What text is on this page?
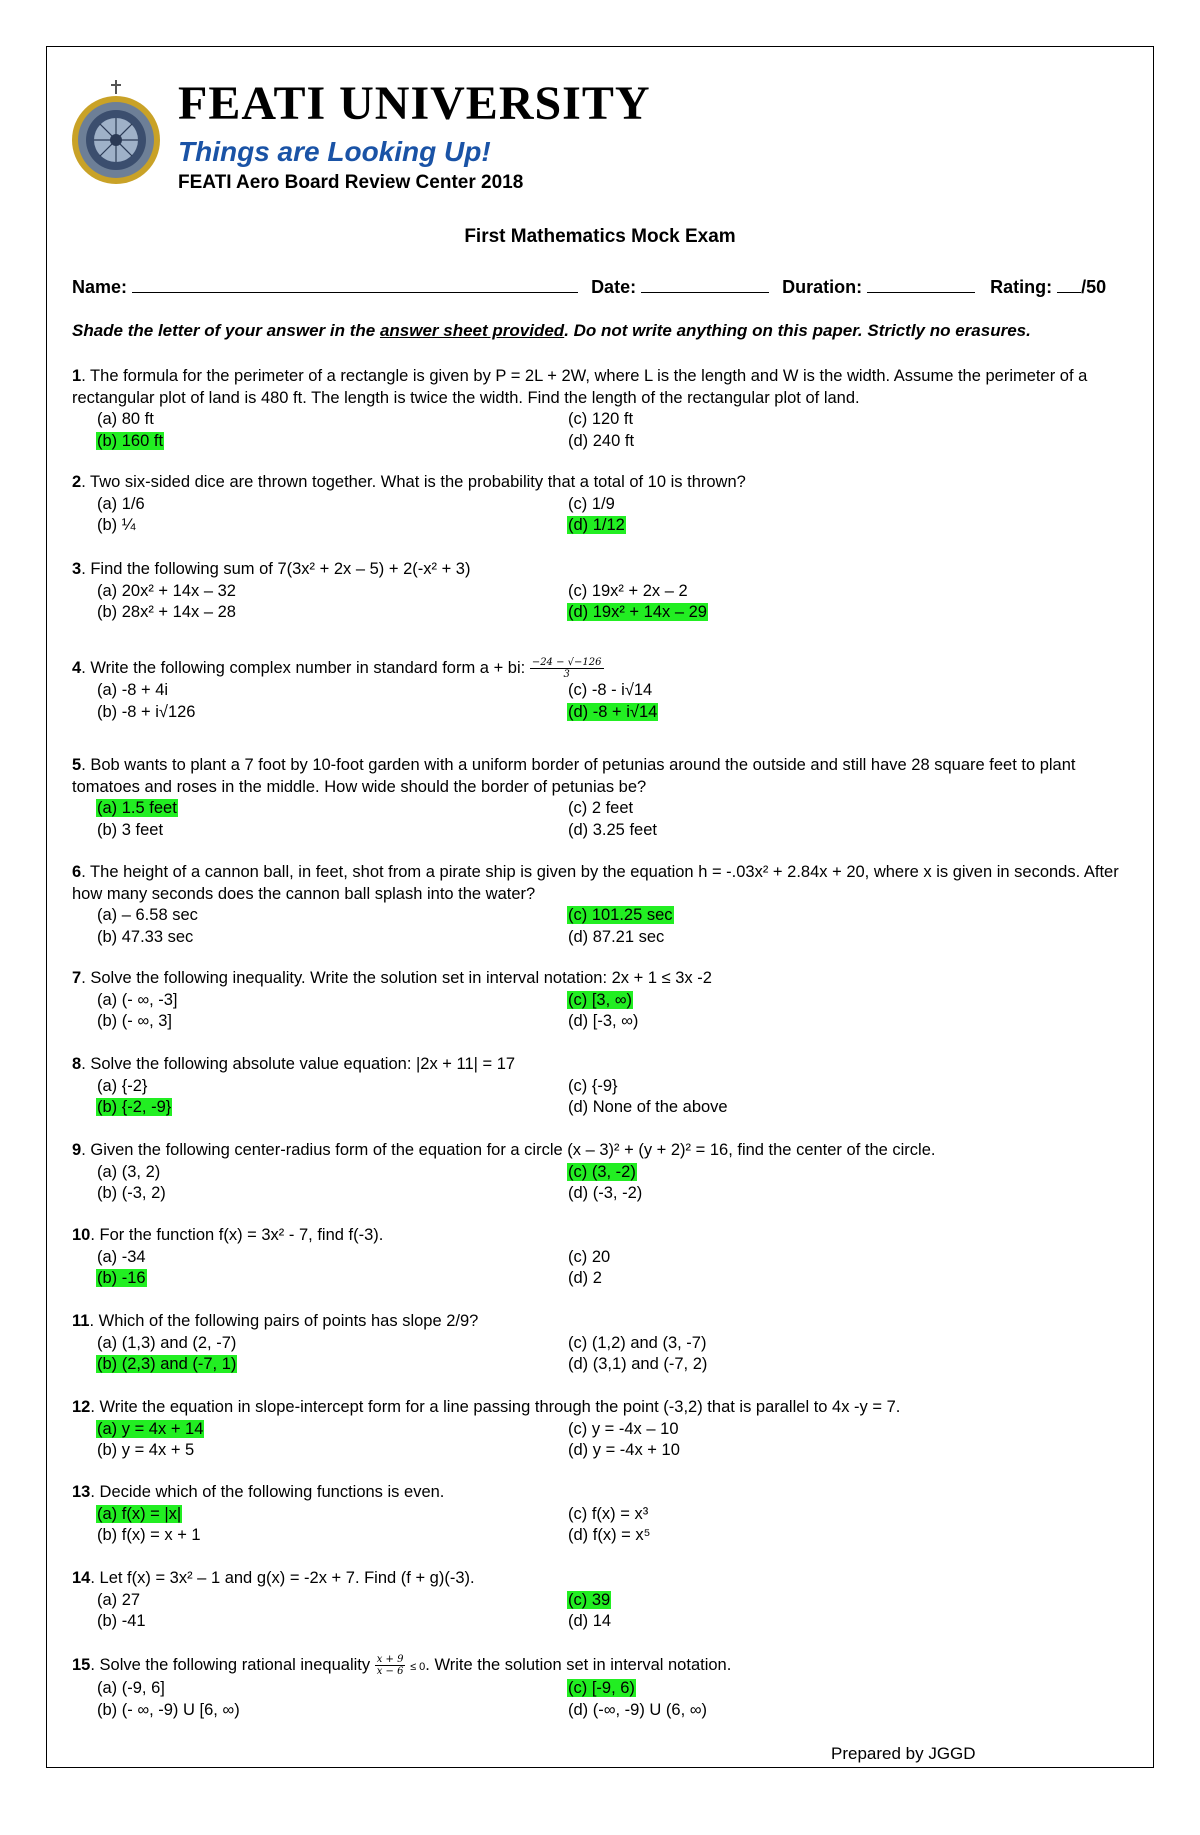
FEATI UNIVERSITY
Things are Looking Up!
FEATI Aero Board Review Center 2018
First Mathematics Mock Exam
Name:	Date:	Duration:	Rating: /50
Shade the letter of your answer in the answer sheet provided. Do not write anything on this paper. Strictly no erasures.
1. The formula for the perimeter of a rectangle is given by P = 2L + 2W, where L is the length and W is the width. Assume the perimeter of a rectangular plot of land is 480 ft. The length is twice the width. Find the length of the rectangular plot of land.
(a) 80 ft	(c) 120 ft
(b) 160 ft	(d) 240 ft
2. Two six-sided dice are thrown together. What is the probability that a total of 10 is thrown?
(a) 1/6	(c) 1/9
(b) ¼	(d) 1/12
3. Find the following sum of 7(3x² + 2x – 5) + 2(-x² + 3)
(a) 20x² + 14x – 32	(c) 19x² + 2x – 2
(b) 28x² + 14x – 28	(d) 19x² + 14x – 29
4. Write the following complex number in standard form a + bi: $\frac{-24 - √-126}{3}$
(a) -8 + 4i	(c) -8 - i√14
(b) -8 + i√126	(d) -8 + i√14
5. Bob wants to plant a 7 foot by 10-foot garden with a uniform border of petunias around the outside and still have 28 square feet to plant tomatoes and roses in the middle. How wide should the border of petunias be?
(a) 1.5 feet	(c) 2 feet
(b) 3 feet	(d) 3.25 feet
6. The height of a cannon ball, in feet, shot from a pirate ship is given by the equation h = -.03x² + 2.84x + 20, where x is given in seconds. After how many seconds does the cannon ball splash into the water?
(a) – 6.58 sec	(c) 101.25 sec
(b) 47.33 sec	(d) 87.21 sec
7. Solve the following inequality. Write the solution set in interval notation: 2x + 1 ≤ 3x -2
(a) (- ∞, -3]	(c) [3, ∞)
(b) (- ∞, 3]	(d) [-3, ∞)
8. Solve the following absolute value equation: |2x + 11| = 17
(a) {-2}	(c) {-9}
(b) {-2, -9}	(d) None of the above
9. Given the following center-radius form of the equation for a circle (x – 3)² + (y + 2)² = 16, find the center of the circle.
(a) (3, 2)	(c) (3, -2)
(b) (-3, 2)	(d) (-3, -2)
10. For the function f(x) = 3x² - 7, find f(-3).
(a) -34	(c) 20
(b) -16	(d) 2
11. Which of the following pairs of points has slope 2/9?
(a) (1,3) and (2, -7)	(c) (1,2) and (3, -7)
(b) (2,3) and (-7, 1)	(d) (3,1) and (-7, 2)
12. Write the equation in slope-intercept form for a line passing through the point (-3,2) that is parallel to 4x -y = 7.
(a) y = 4x + 14	(c) y = -4x – 10
(b) y = 4x + 5	(d) y = -4x + 10
13. Decide which of the following functions is even.
(a) f(x) = |x|	(c) f(x) = x³
(b) f(x) = x + 1	(d) f(x) = x⁵
14. Let f(x) = 3x² – 1 and g(x) = -2x + 7. Find (f + g)(-3).
(a) 27	(c) 39
(b) -41	(d) 14
15. Solve the following rational inequality $\frac{x + 9}{x - 6} \le 0$. Write the solution set in interval notation.
(a) (-9, 6]	(c) [-9, 6)
(b) (- ∞, -9) U [6, ∞)	(d) (-∞, -9) U (6, ∞)
Prepared by JGGD
